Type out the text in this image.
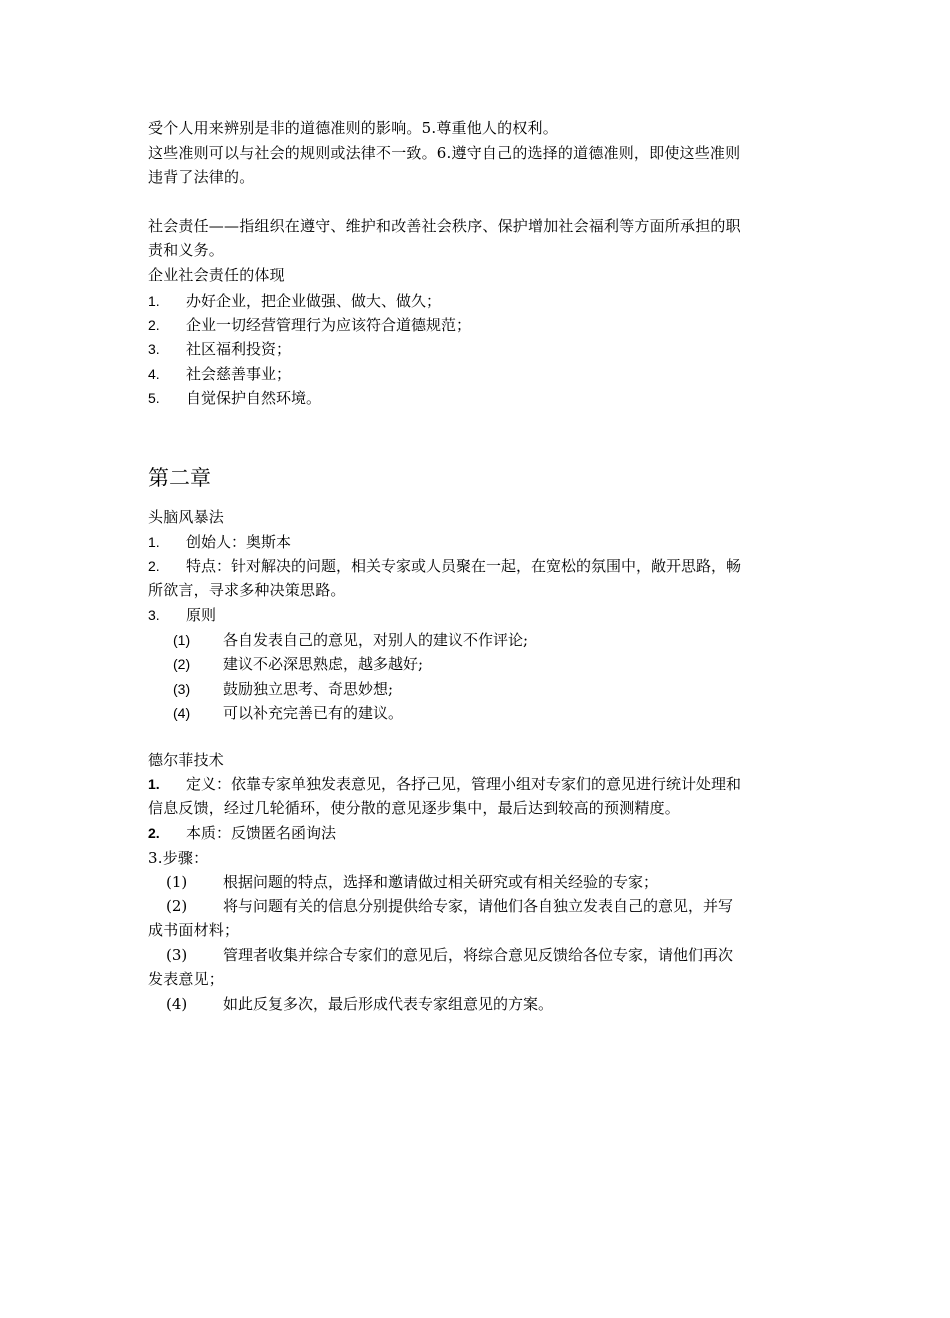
受个人用来辨别是非的道德准则的影响。5.尊重他人的权利。
这些准则可以与社会的规则或法律不一致。6.遵守自己的选择的道德准则，即使这些准则
违背了法律的。
社会责任——指组织在遵守、维护和改善社会秩序、保护增加社会福利等方面所承担的职
责和义务。
企业社会责任的体现
1. 办好企业，把企业做强、做大、做久；
2. 企业一切经营管理行为应该符合道德规范；
3. 社区福利投资；
4. 社会慈善事业；
5. 自觉保护自然环境。
第二章
头脑风暴法
1. 创始人：奥斯本
2. 特点：针对解决的问题，相关专家或人员聚在一起，在宽松的氛围中，敞开思路，畅
所欲言，寻求多种决策思路。
3. 原则
(1) 各自发表自己的意见，对别人的建议不作评论;
(2) 建议不必深思熟虑，越多越好;
(3) 鼓励独立思考、奇思妙想;
(4) 可以补充完善已有的建议。
德尔菲技术
1. 定义：依靠专家单独发表意见，各抒己见，管理小组对专家们的意见进行统计处理和
信息反馈，经过几轮循环，使分散的意见逐步集中，最后达到较高的预测精度。
2. 本质：反馈匿名函询法
3.步骤：
(1) 根据问题的特点，选择和邀请做过相关研究或有相关经验的专家；
(2) 将与问题有关的信息分别提供给专家，请他们各自独立发表自己的意见，并写
成书面材料；
(3) 管理者收集并综合专家们的意见后，将综合意见反馈给各位专家，请他们再次
发表意见；
(4) 如此反复多次，最后形成代表专家组意见的方案。
